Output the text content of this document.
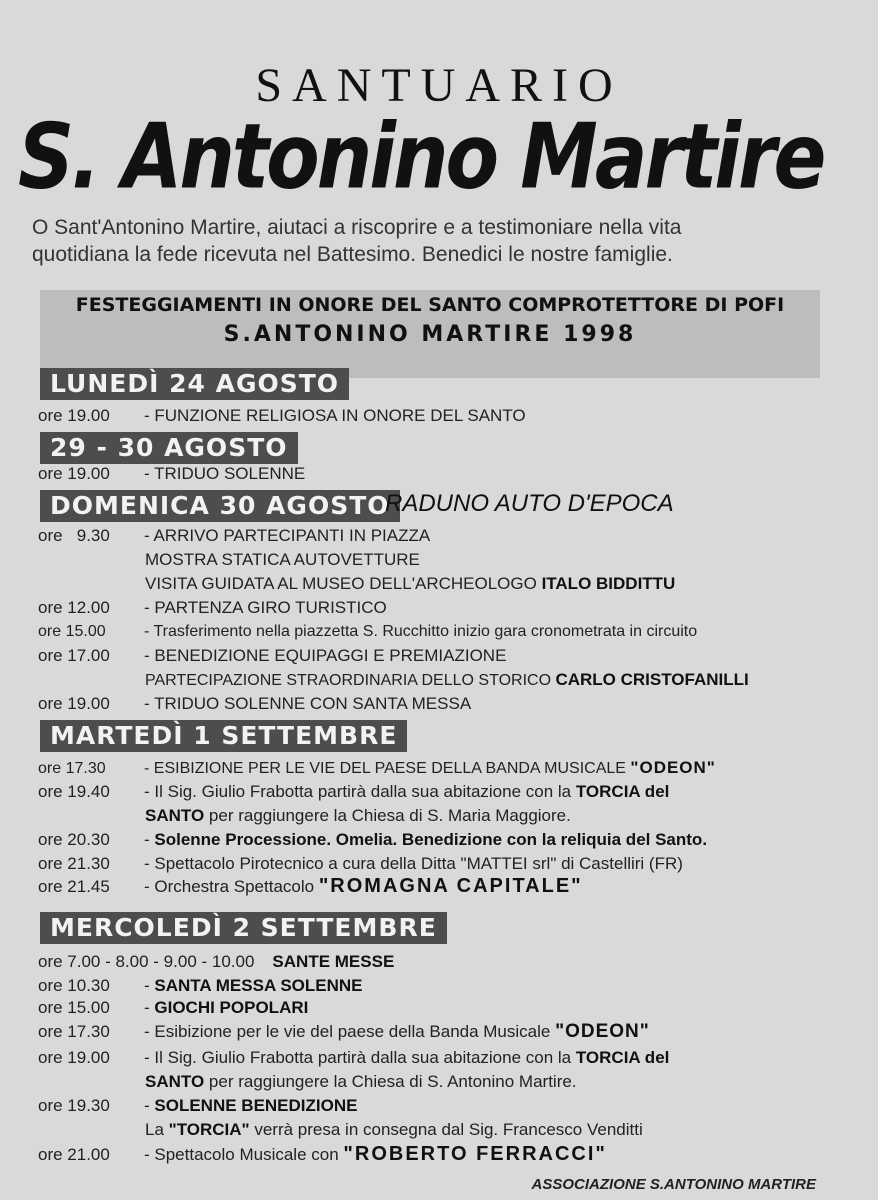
SANTUARIO
S. Antonino Martire
O Sant'Antonino Martire, aiutaci a riscoprire e a testimoniare nella vita
quotidiana la fede ricevuta nel Battesimo. Benedici le nostre famiglie.
FESTEGGIAMENTI IN ONORE DEL SANTO COMPROTETTORE DI POFI
S.ANTONINO MARTIRE 1998
LUNEDÌ 24 AGOSTO
ore 19.00 - FUNZIONE RELIGIOSA IN ONORE DEL SANTO
29 - 30 AGOSTO
ore 19.00 - TRIDUO SOLENNE
DOMENICA 30 AGOSTO
RADUNO AUTO D'EPOCA
ore   9.30 - ARRIVO PARTECIPANTI IN PIAZZA
MOSTRA STATICA AUTOVETTURE
VISITA GUIDATA AL MUSEO DELL'ARCHEOLOGO ITALO BIDDITTU
ore 12.00 - PARTENZA GIRO TURISTICO
ore 15.00 - Trasferimento nella piazzetta S. Rucchitto inizio gara cronometrata in circuito
ore 17.00 - BENEDIZIONE EQUIPAGGI E PREMIAZIONE
PARTECIPAZIONE STRAORDINARIA DELLO STORICO CARLO CRISTOFANILLI
ore 19.00 - TRIDUO SOLENNE CON SANTA MESSA
MARTEDÌ 1 SETTEMBRE
ore 17.30 - ESIBIZIONE PER LE VIE DEL PAESE DELLA BANDA MUSICALE "ODEON"
ore 19.40 - Il Sig. Giulio Frabotta partirà dalla sua abitazione con la TORCIA del
SANTO per raggiungere la Chiesa di S. Maria Maggiore.
ore 20.30 - Solenne Processione. Omelia. Benedizione con la reliquia del Santo.
ore 21.30 - Spettacolo Pirotecnico a cura della Ditta "MATTEI srl" di Castelliri (FR)
ore 21.45 - Orchestra Spettacolo "ROMAGNA CAPITALE"
MERCOLEDÌ 2 SETTEMBRE
ore 7.00 - 8.00 - 9.00 - 10.00 SANTE MESSE
ore 10.30 - SANTA MESSA SOLENNE
ore 15.00 - GIOCHI POPOLARI
ore 17.30 - Esibizione per le vie del paese della Banda Musicale "ODEON"
ore 19.00 - Il Sig. Giulio Frabotta partirà dalla sua abitazione con la TORCIA del
SANTO per raggiungere la Chiesa di S. Antonino Martire.
ore 19.30 - SOLENNE BENEDIZIONE
La "TORCIA" verrà presa in consegna dal Sig. Francesco Venditti
ore 21.00 - Spettacolo Musicale con "ROBERTO FERRACCI"
ASSOCIAZIONE S.ANTONINO MARTIRE
